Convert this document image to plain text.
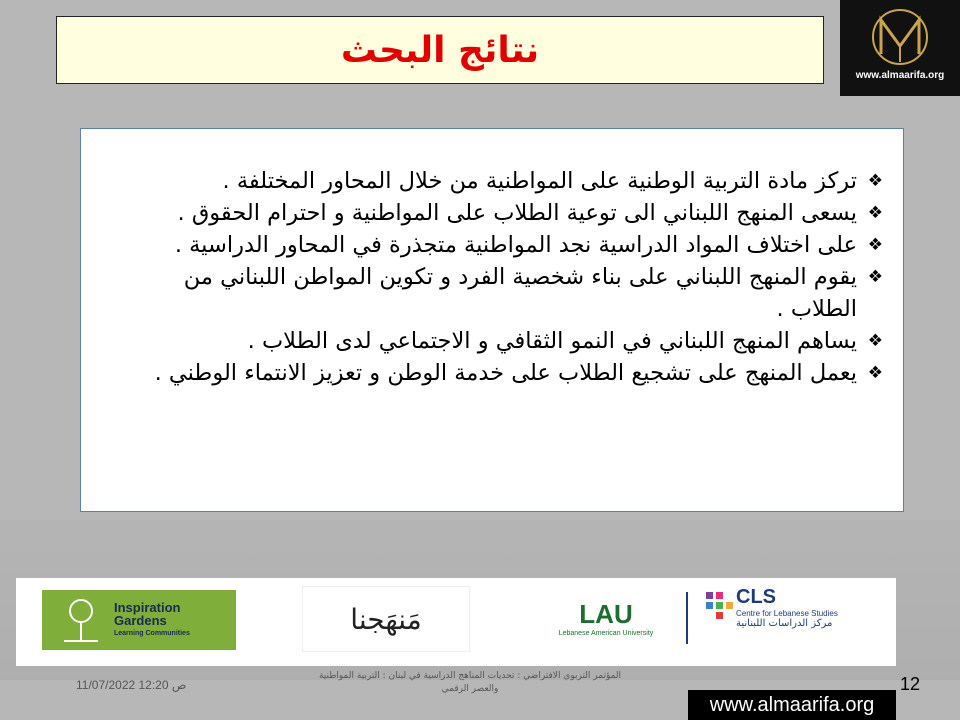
نتائج البحث
www.almaarifa.org
❖
تركز مادة التربية الوطنية على المواطنية من خلال المحاور المختلفة .
❖
يسعى المنهج اللبناني الى توعية الطلاب على المواطنية و احترام الحقوق .
❖
على اختلاف المواد الدراسية نجد المواطنية متجذرة في المحاور الدراسية .
❖
يقوم المنهج اللبناني على بناء شخصية الفرد و تكوين المواطن اللبناني من الطلاب .
❖
يساهم المنهج اللبناني في النمو الثقافي و الاجتماعي لدى الطلاب .
❖
يعمل المنهج على تشجيع الطلاب على خدمة الوطن و تعزيز الانتماء الوطني .
Inspiration Gardens
Learning Communities	مَنهَجنا	LAU
Lebanese American University
CLS
Centre for Lebanese Studies
مركز الدراسات اللبنانية
11/07/2022 12:20 ص
المؤتمر التربوي الافتراضي : تحديات المناهج الدراسية في لبنان : التربية المواطنية والعصر الرقمي	12
www.almaarifa.org
